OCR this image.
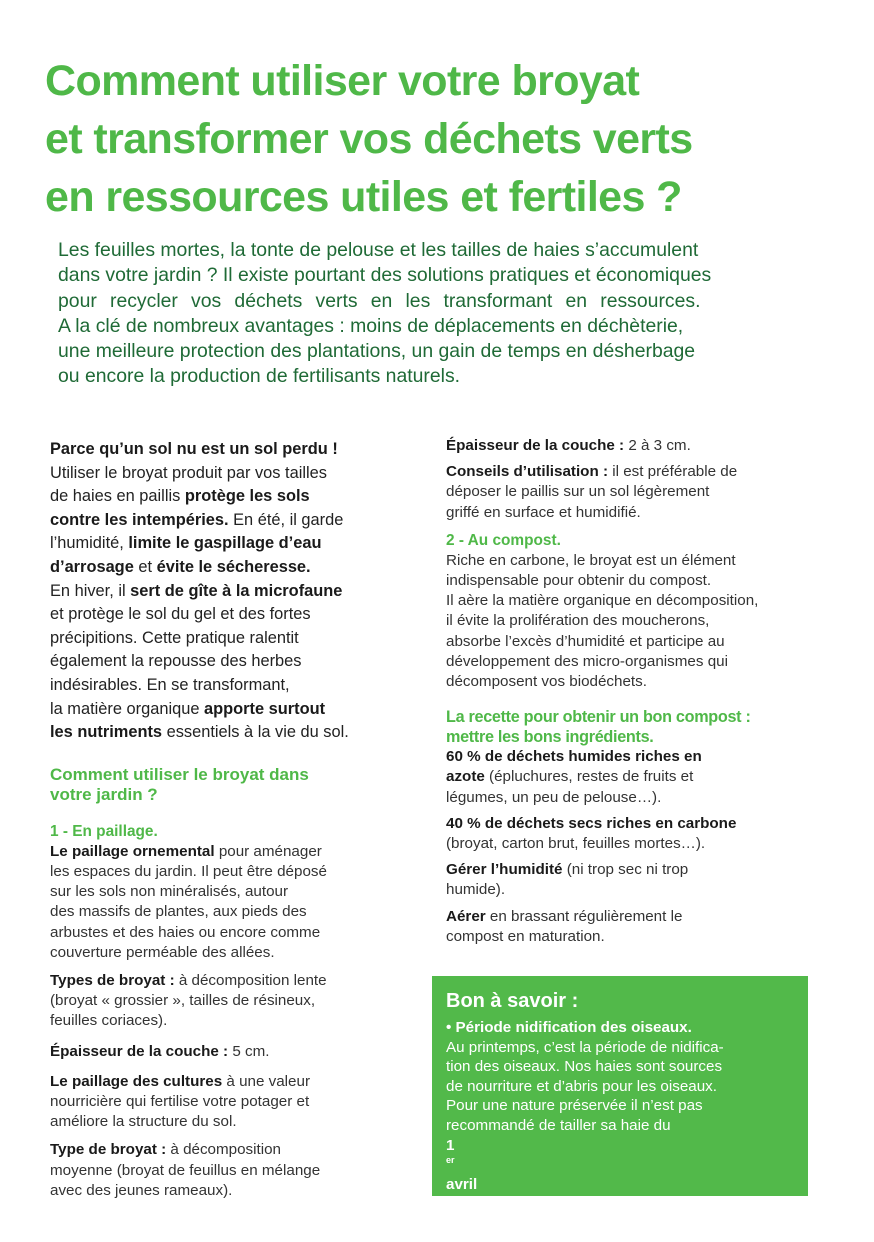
Comment utiliser votre broyat
et transformer vos déchets verts
en ressources utiles et fertiles ?

Les feuilles mortes, la tonte de pelouse et les tailles de haies s’accumulent
dans votre jardin ? Il existe pourtant des solutions pratiques et économiques
pour recycler vos déchets verts en les transformant en ressources.
A la clé de nombreux avantages : moins de déplacements en déchèterie,
une meilleure protection des plantations, un gain de temps en désherbage
ou encore la production de fertilisants naturels.

Parce qu’un sol nu est un sol perdu !
Utiliser le broyat produit par vos tailles
de haies en paillis protège les sols
contre les intempéries. En été, il garde
l’humidité, limite le gaspillage d’eau
d’arrosage et évite le sécheresse.
En hiver, il sert de gîte à la microfaune
et protège le sol du gel et des fortes
précipitions. Cette pratique ralentit
également la repousse des herbes
indésirables. En se transformant,
la matière organique apporte surtout
les nutriments essentiels à la vie du sol.

Comment utiliser le broyat dans
votre jardin ?

1 - En paillage.

Le paillage ornemental pour aménager
les espaces du jardin. Il peut être déposé
sur les sols non minéralisés, autour
des massifs de plantes, aux pieds des
arbustes et des haies ou encore comme
couverture perméable des allées.

Types de broyat : à décomposition lente
(broyat « grossier », tailles de résineux,
feuilles coriaces).

Épaisseur de la couche : 5 cm.

Le paillage des cultures à une valeur
nourricière qui fertilise votre potager et
améliore la structure du sol.

Type de broyat : à décomposition
moyenne (broyat de feuillus en mélange
avec des jeunes rameaux).

Épaisseur de la couche : 2 à 3 cm.

Conseils d’utilisation : il est préférable de
déposer le paillis sur un sol légèrement
griffé en surface et humidifié.

2 - Au compost.

Riche en carbone, le broyat est un élément
indispensable pour obtenir du compost.
Il aère la matière organique en décomposition,
il évite la prolifération des moucherons,
absorbe l’excès d’humidité et participe au
développement des micro-organismes qui
décomposent vos biodéchets.

La recette pour obtenir un bon compost :
mettre les bons ingrédients.

60 % de déchets humides riches en
azote (épluchures, restes de fruits et
légumes, un peu de pelouse…).

40 % de déchets secs riches en carbone
(broyat, carton brut, feuilles mortes…).

Gérer l’humidité (ni trop sec ni trop
humide).

Aérer en brassant régulièrement le
compost en maturation.

Bon à savoir :

• Période nidification des oiseaux.
Au printemps, c’est la période de nidifica-
tion des oiseaux. Nos haies sont sources
de nourriture et d’abris pour les oiseaux.
Pour une nature préservée il n’est pas
recommandé de tailler sa haie du
1
$^{er}$
avril
au 31 juillet.

• Interdiction de brûler ses déchets verts.
